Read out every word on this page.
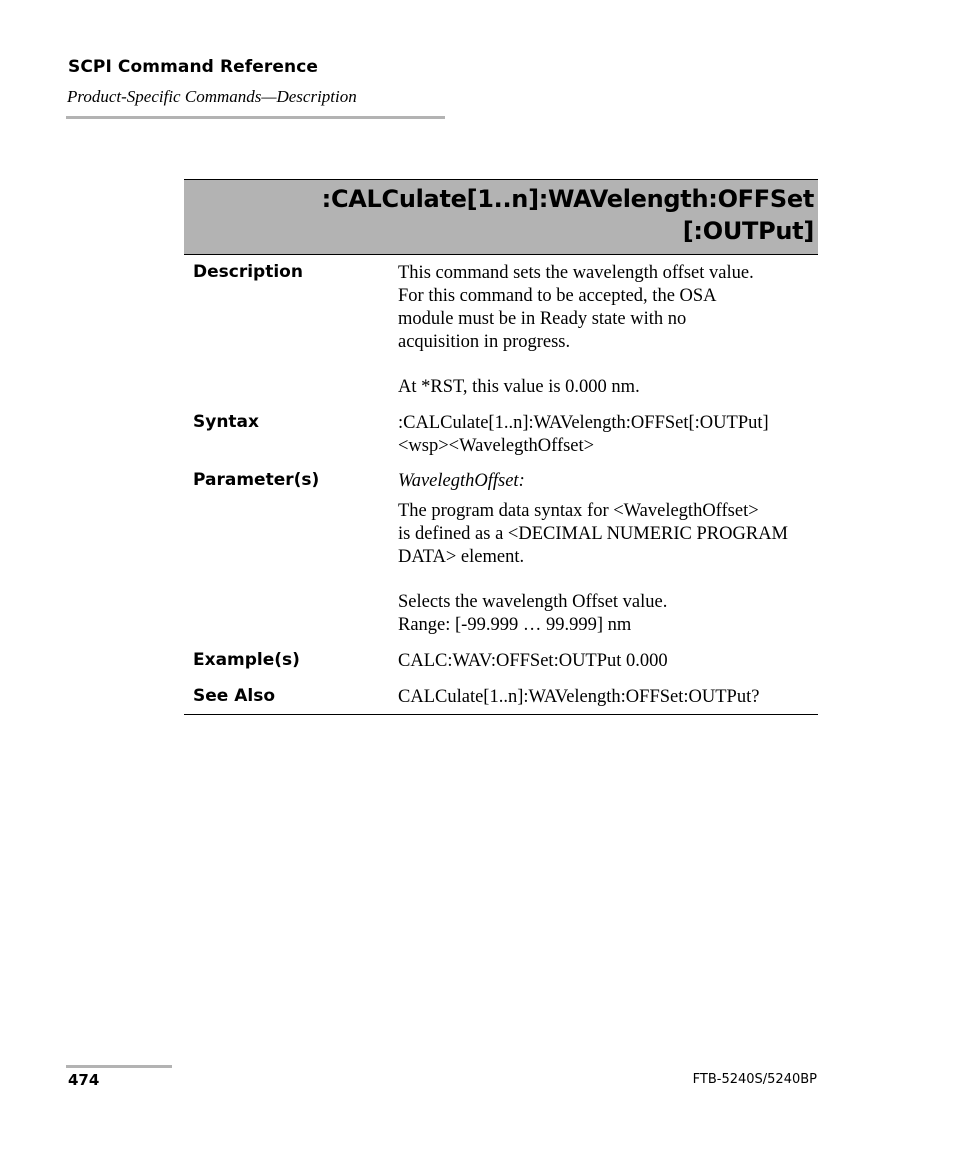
SCPI Command Reference
Product-Specific Commands—Description
:CALCulate[1..n]:WAVelength:OFFSet
[:OUTPut]
Description	This command sets the wavelength offset value.
For this command to be accepted, the OSA
module must be in Ready state with no
acquisition in progress.
At *RST, this value is 0.000 nm.
Syntax	:CALCulate[1..n]:WAVelength:OFFSet[:OUTPut]
<wsp><WavelegthOffset>
Parameter(s)	WavelegthOffset:
The program data syntax for <WavelegthOffset>
is defined as a <DECIMAL NUMERIC PROGRAM
DATA> element.
Selects the wavelength Offset value.
Range: [-99.999 … 99.999] nm
Example(s)	CALC:WAV:OFFSet:OUTPut 0.000
See Also	CALCulate[1..n]:WAVelength:OFFSet:OUTPut?
474	FTB-5240S/5240BP
